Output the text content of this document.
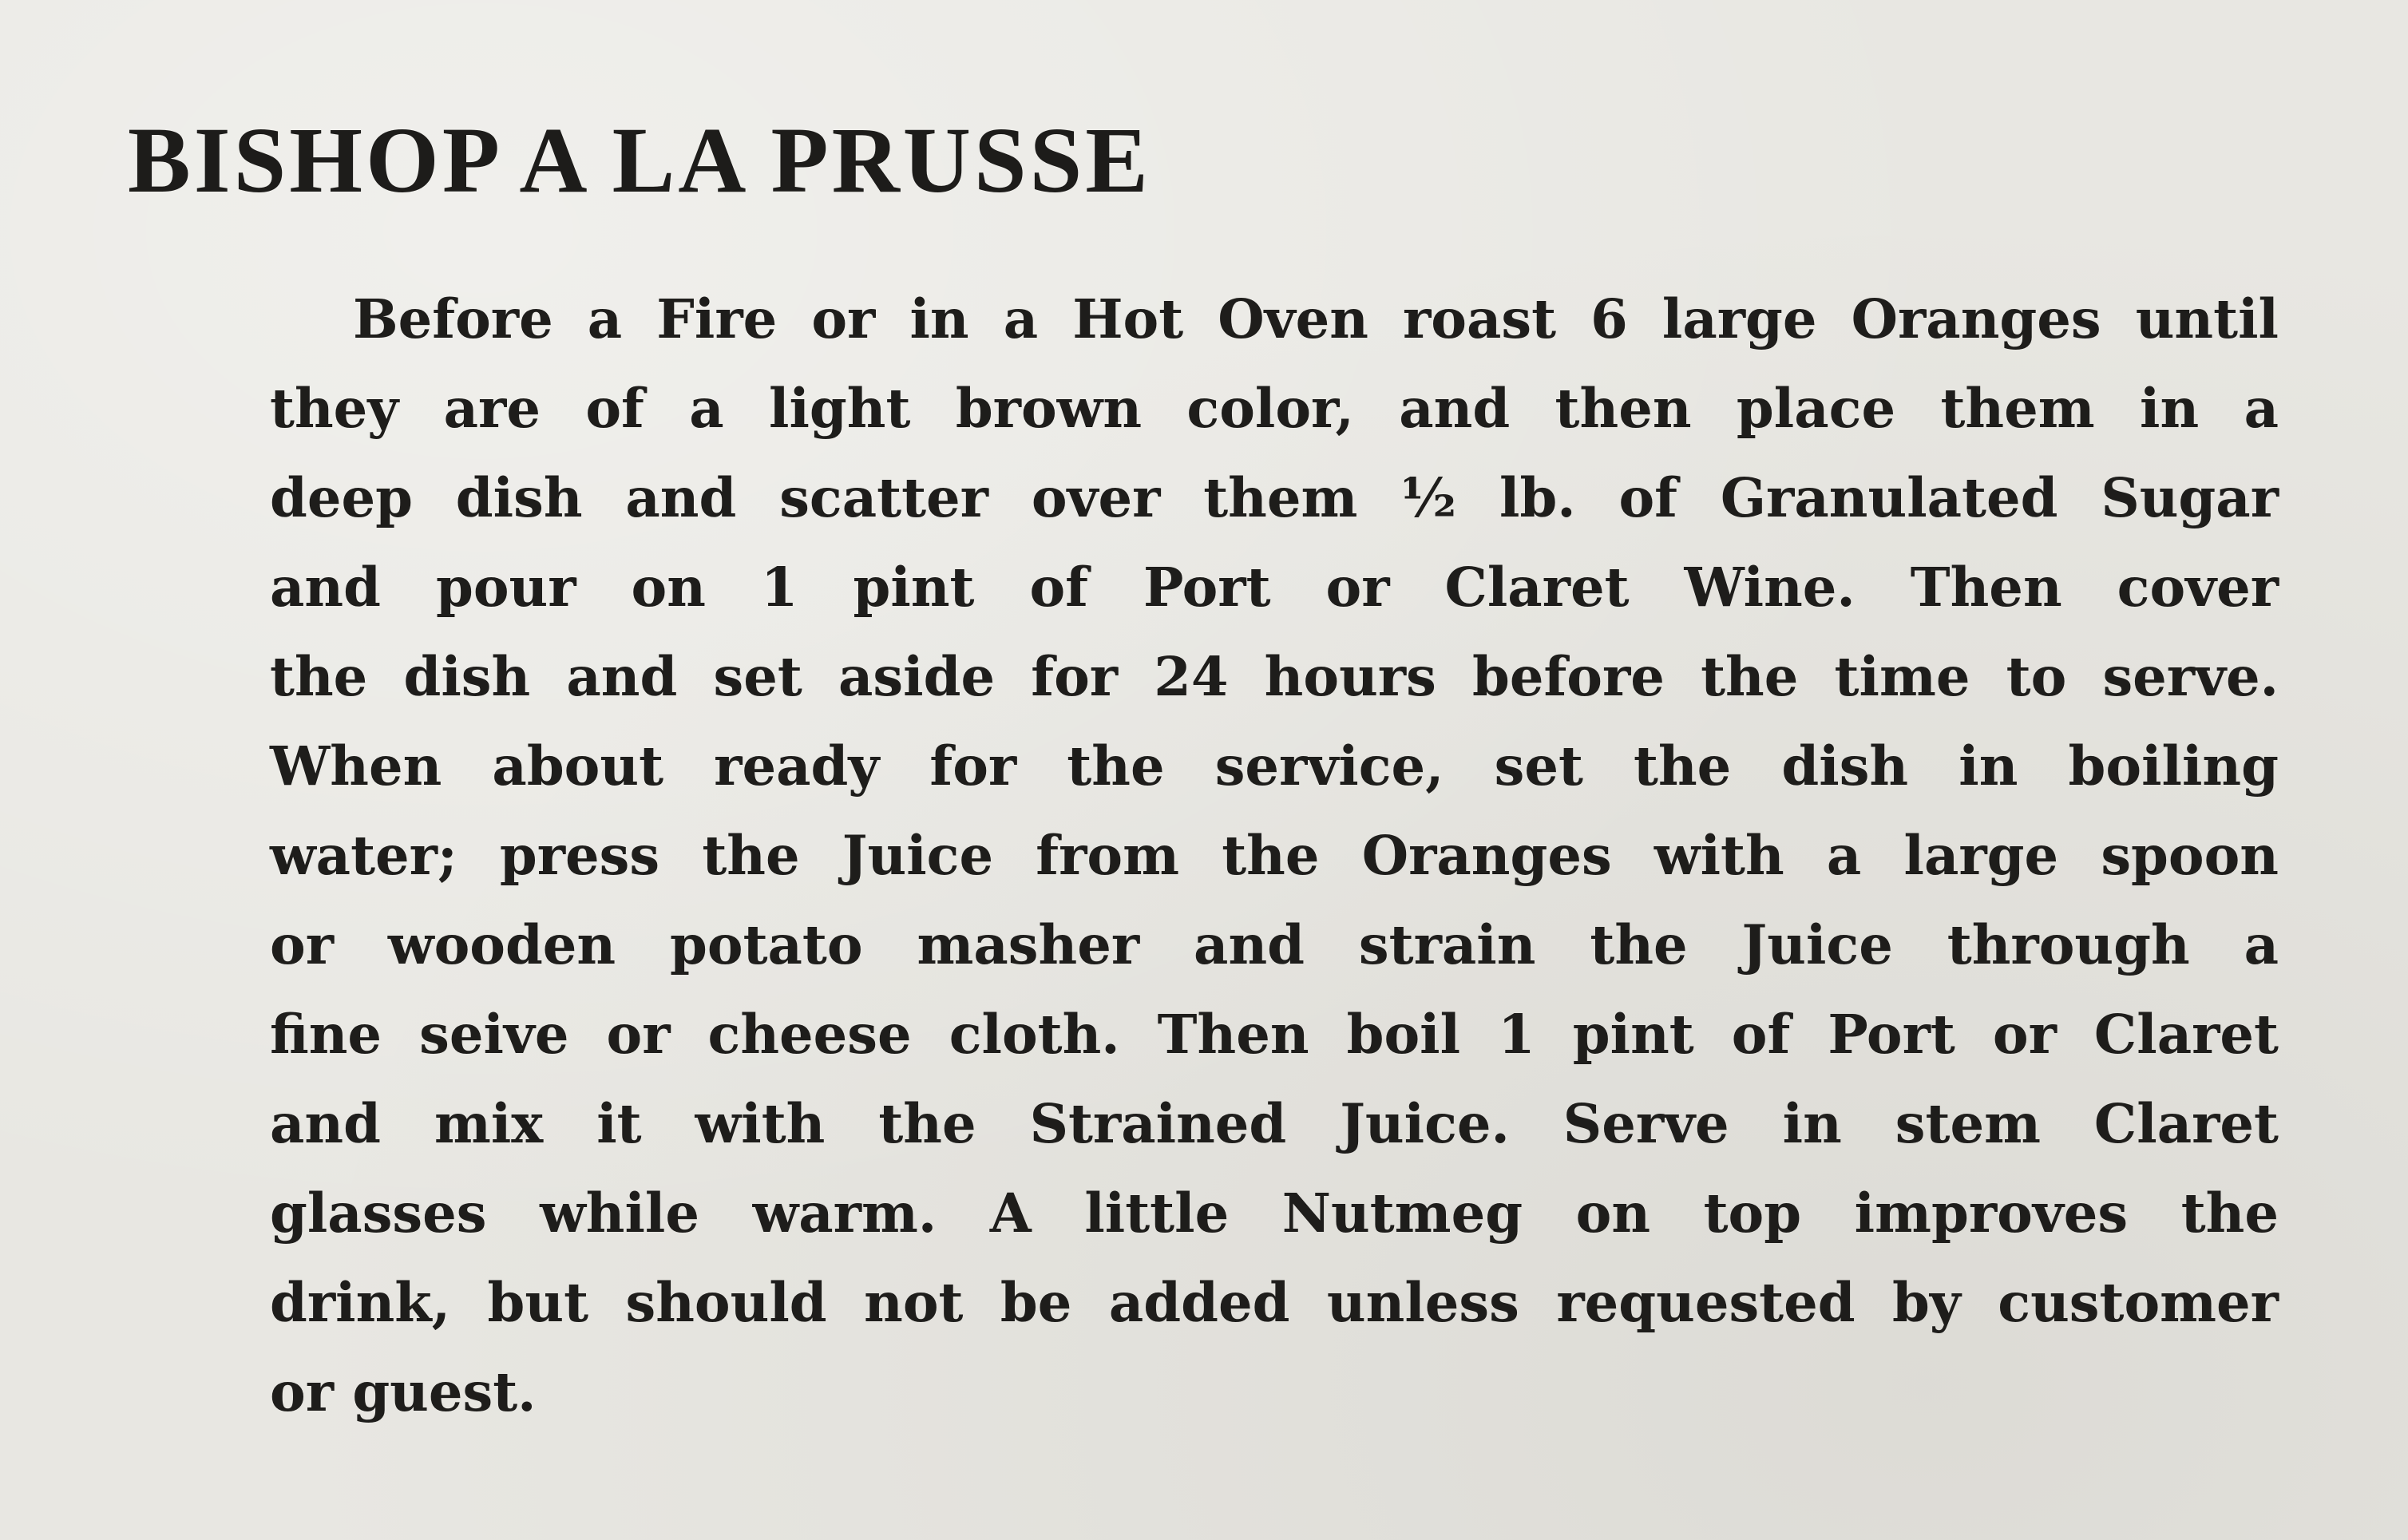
BISHOP A LA PRUSSE
Before a Fire or in a Hot Oven roast 6 large Oranges until
they are of a light brown color, and then place them in a
deep dish and scatter over them ½ lb. of Granulated Sugar
and pour on 1 pint of Port or Claret Wine. Then cover
the dish and set aside for 24 hours before the time to serve.
When about ready for the service, set the dish in boiling
water; press the Juice from the Oranges with a large spoon
or wooden potato masher and strain the Juice through a
fine seive or cheese cloth. Then boil 1 pint of Port or Claret
and mix it with the Strained Juice. Serve in stem Claret
glasses while warm. A little Nutmeg on top improves the
drink, but should not be added unless requested by customer
or guest.
